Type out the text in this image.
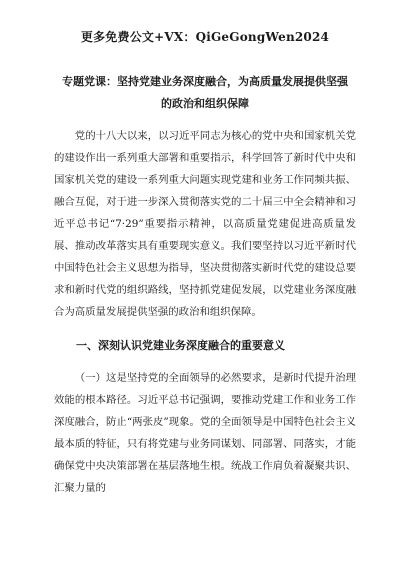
更多免费公文+VX：QiGeGongWen2024
专题党课：坚持党建业务深度融合，为高质量发展提供坚强的政治和组织保障

党的十八大以来，以习近平同志为核心的党中央和国家机关党的建设作出一系列重大部署和重要指示，科学回答了新时代中央和国家机关党的建设一系列重大问题实现党建和业务工作同频共振、融合互促，对于进一步深入贯彻落实党的二十届三中全会精神和习近平总书记“7·29”重要指示精神，以高质量党建促进高质量发展、推动改革落实具有重要现实意义。我们要坚持以习近平新时代中国特色社会主义思想为指导，坚决贯彻落实新时代党的建设总要求和新时代党的组织路线，坚持抓党建促发展，以党建业务深度融合为高质量发展提供坚强的政治和组织保障。

一、深刻认识党建业务深度融合的重要意义

（一）这是坚持党的全面领导的必然要求，是新时代提升治理效能的根本路径。习近平总书记强调，要推动党建工作和业务工作深度融合，防止“两张皮”现象。党的全面领导是中国特色社会主义最本质的特征，只有将党建与业务同谋划、同部署、同落实，才能确保党中央决策部署在基层落地生根。统战工作肩负着凝聚共识、汇聚力量的
